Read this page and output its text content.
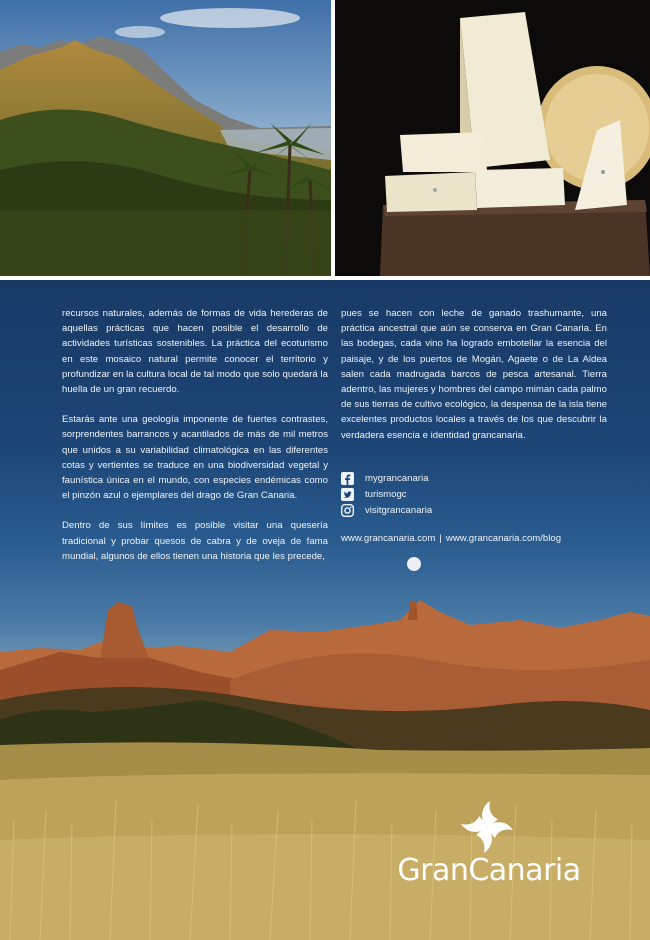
recursos naturales, además de formas de vida herederas de aquellas prácticas que hacen posible el desarrollo de actividades turísticas sostenibles. La práctica del ecoturismo en este mosaico natural permite conocer el territorio y profundizar en la cultura local de tal modo que solo quedará la huella de un gran recuerdo.

Estarás ante una geología imponente de fuertes contrastes, sorprendentes barrancos y acantilados de más de mil metros que unidos a su variabilidad climatológica en las diferentes cotas y vertientes se traduce en una biodiversidad vegetal y faunística única en el mundo, con especies endémicas como el pinzón azul o ejemplares del drago de Gran Canaria.

Dentro de sus límites es posible visitar una quesería tradicional y probar quesos de cabra y de oveja de fama mundial, algunos de ellos tienen una historia que les precede,

pues se hacen con leche de ganado trashumante, una práctica ancestral que aún se conserva en Gran Canaria. En las bodegas, cada vino ha logrado embotellar la esencia del paisaje, y de los puertos de Mogán, Agaete o de La Aldea salen cada madrugada barcos de pesca artesanal. Tierra adentro, las mujeres y hombres del campo miman cada palmo de sus tierras de cultivo ecológico, la despensa de la isla tiene excelentes productos locales a través de los que descubrir la verdadera esencia e identidad grancanaria.

mygrancanaria
turismogc
visitgrancanaria
www.grancanaria.com | www.grancanaria.com/blog
GranCanaria
